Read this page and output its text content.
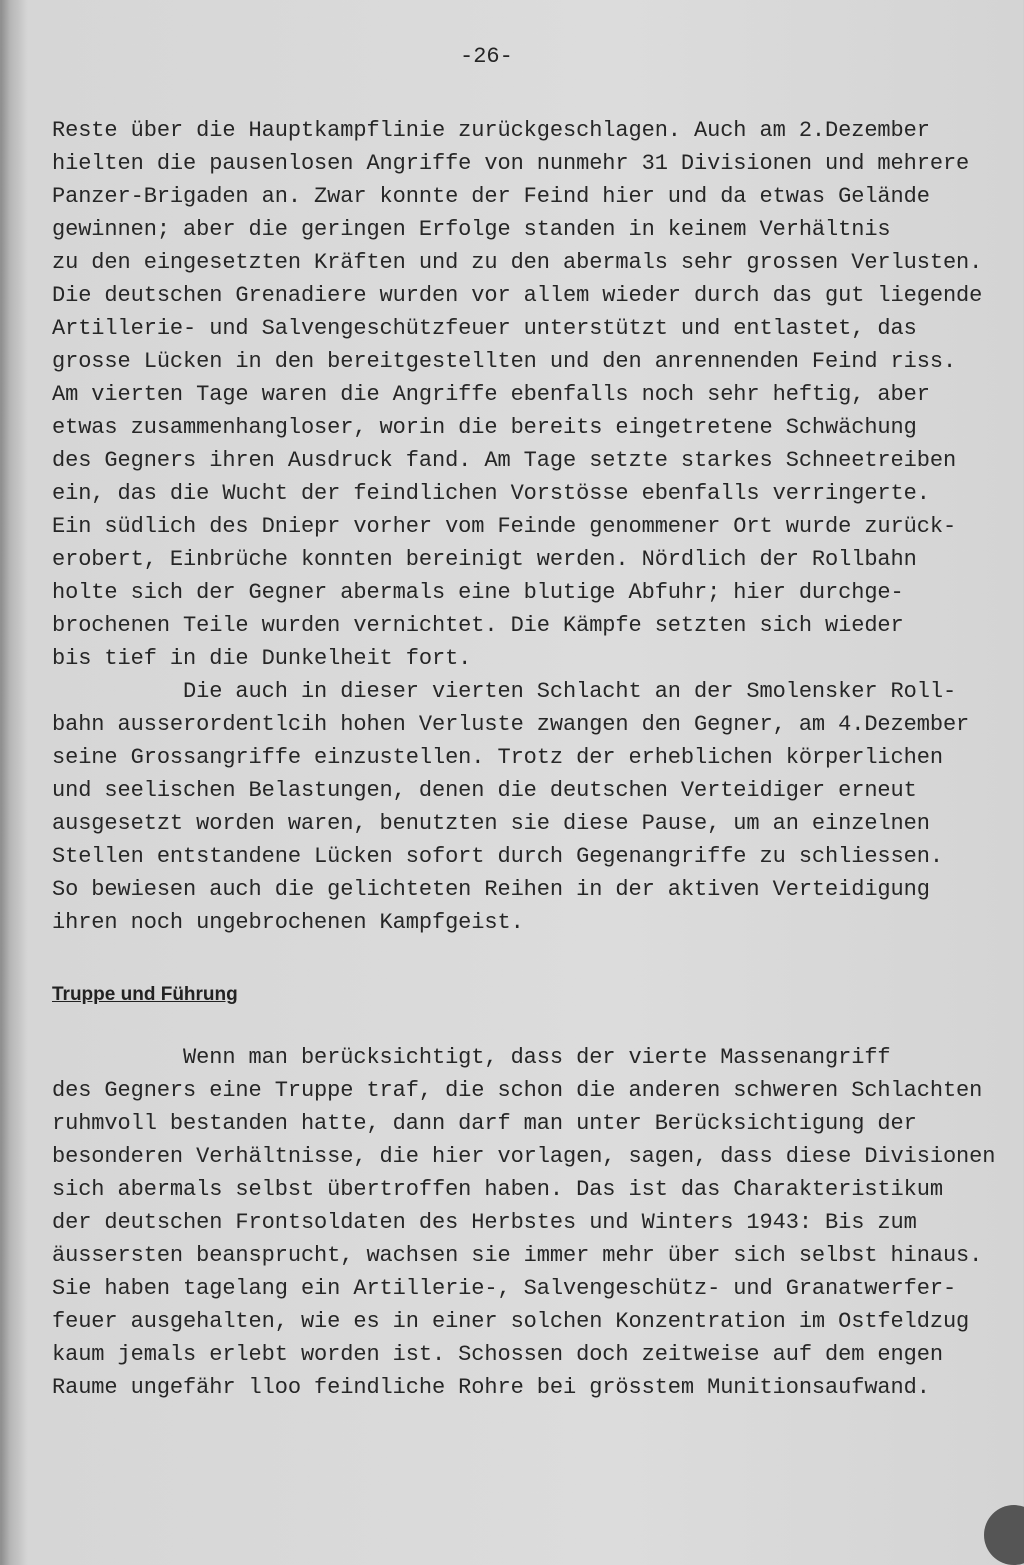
-26-
Reste über die Hauptkampflinie zurückgeschlagen. Auch am 2.Dezember
hielten die pausenlosen Angriffe von nunmehr 31 Divisionen und mehrere
Panzer-Brigaden an. Zwar konnte der Feind hier und da etwas Gelände
gewinnen; aber die geringen Erfolge standen in keinem Verhältnis
zu den eingesetzten Kräften und zu den abermals sehr grossen Verlusten.
Die deutschen Grenadiere wurden vor allem wieder durch das gut liegende
Artillerie- und Salvengeschützfeuer unterstützt und entlastet, das
grosse Lücken in den bereitgestellten und den anrennenden Feind riss.
Am vierten Tage waren die Angriffe ebenfalls noch sehr heftig, aber
etwas zusammenhangloser, worin die bereits eingetretene Schwächung
des Gegners ihren Ausdruck fand. Am Tage setzte starkes Schneetreiben
ein, das die Wucht der feindlichen Vorstösse ebenfalls verringerte.
Ein südlich des Dniepr vorher vom Feinde genommener Ort wurde zurück-
erobert, Einbrüche konnten bereinigt werden. Nördlich der Rollbahn
holte sich der Gegner abermals eine blutige Abfuhr; hier durchge-
brochenen Teile wurden vernichtet. Die Kämpfe setzten sich wieder
bis tief in die Dunkelheit fort.
Die auch in dieser vierten Schlacht an der Smolensker Roll-
bahn ausserordentlcih hohen Verluste zwangen den Gegner, am 4.Dezember
seine Grossangriffe einzustellen. Trotz der erheblichen körperlichen
und seelischen Belastungen, denen die deutschen Verteidiger erneut
ausgesetzt worden waren, benutzten sie diese Pause, um an einzelnen
Stellen entstandene Lücken sofort durch Gegenangriffe zu schliessen.
So bewiesen auch die gelichteten Reihen in der aktiven Verteidigung
ihren noch ungebrochenen Kampfgeist.
Truppe und Führung
Wenn man berücksichtigt, dass der vierte Massenangriff
des Gegners eine Truppe traf, die schon die anderen schweren Schlachten
ruhmvoll bestanden hatte, dann darf man unter Berücksichtigung der
besonderen Verhältnisse, die hier vorlagen, sagen, dass diese Divisionen
sich abermals selbst übertroffen haben. Das ist das Charakteristikum
der deutschen Frontsoldaten des Herbstes und Winters 1943: Bis zum
äussersten beansprucht, wachsen sie immer mehr über sich selbst hinaus.
Sie haben tagelang ein Artillerie-, Salvengeschütz- und Granatwerfer-
feuer ausgehalten, wie es in einer solchen Konzentration im Ostfeldzug
kaum jemals erlebt worden ist. Schossen doch zeitweise auf dem engen
Raume ungefähr lloo feindliche Rohre bei grösstem Munitionsaufwand.
